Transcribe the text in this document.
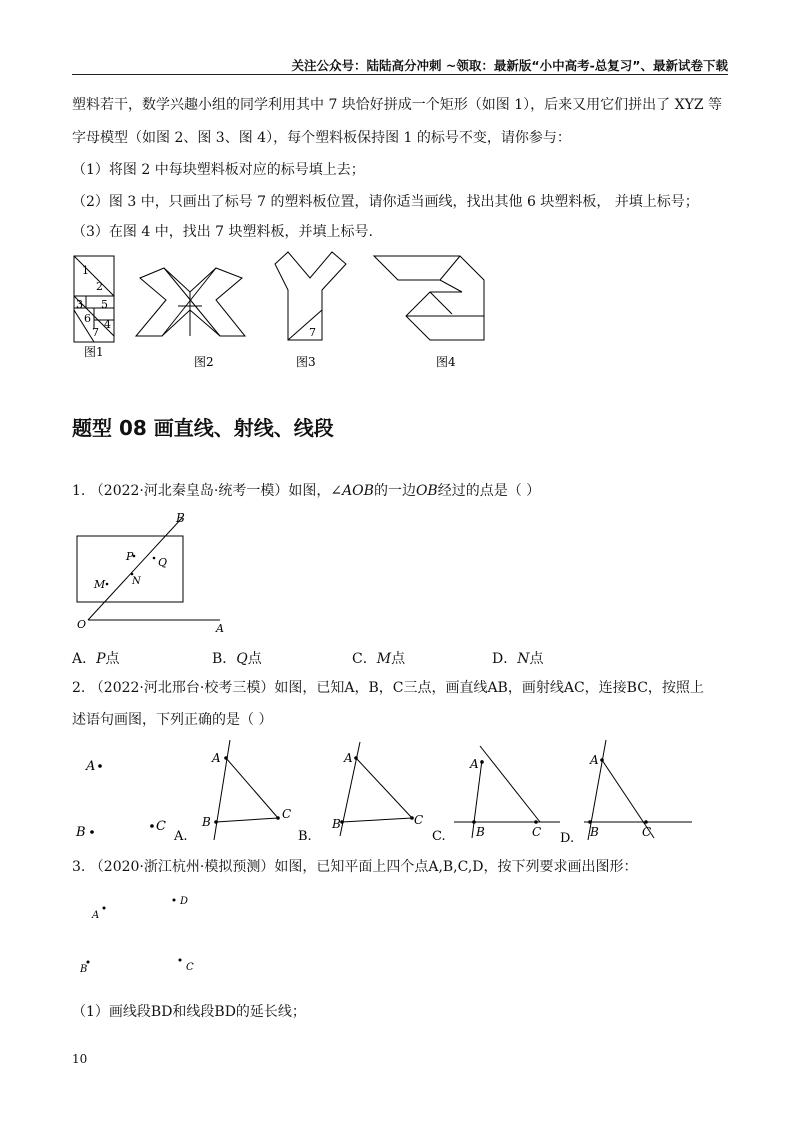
关注公众号：陆陆高分冲刺 ~领取：最新版“小中高考-总复习”、最新试卷下载
塑料若干，数学兴趣小组的同学利用其中 7 块恰好拼成一个矩形（如图 1），后来又用它们拼出了 XYZ 等
字母模型（如图 2、图 3、图 4），每个塑料板保持图 1 的标号不变，请你参与：
（1）将图 2 中每块塑料板对应的标号填上去；
（2）图 3 中，只画出了标号 7 的塑料板位置，请你适当画线，找出其他 6 块塑料板， 并填上标号；
（3）在图 4 中，找出 7 块塑料板，并填上标号.
1
2
3 5
6 4
7	7
图1
图2	图3	图4
题型 08 画直线、射线、线段
1. （2022·河北秦皇岛·统考一模）如图，∠AOB的一边OB经过的点是（ ）
B
P Q
N
M
O	A
A．P点	B．Q点	C．M点	D．N点
2. （2022·河北邢台·校考三模）如图，已知A，B，C三点，画直线AB，画射线AC，连接BC，按照上
述语句画图，下列正确的是（ ）
A
B	C
A
B
C
A.
A
B	C
B.
A
B	C
C.
A
B	C
D.
3. （2020·浙江杭州·模拟预测）如图，已知平面上四个点A,B,C,D，按下列要求画出图形：
A
D
B	C
（1）画线段BD和线段BD的延长线；
10
